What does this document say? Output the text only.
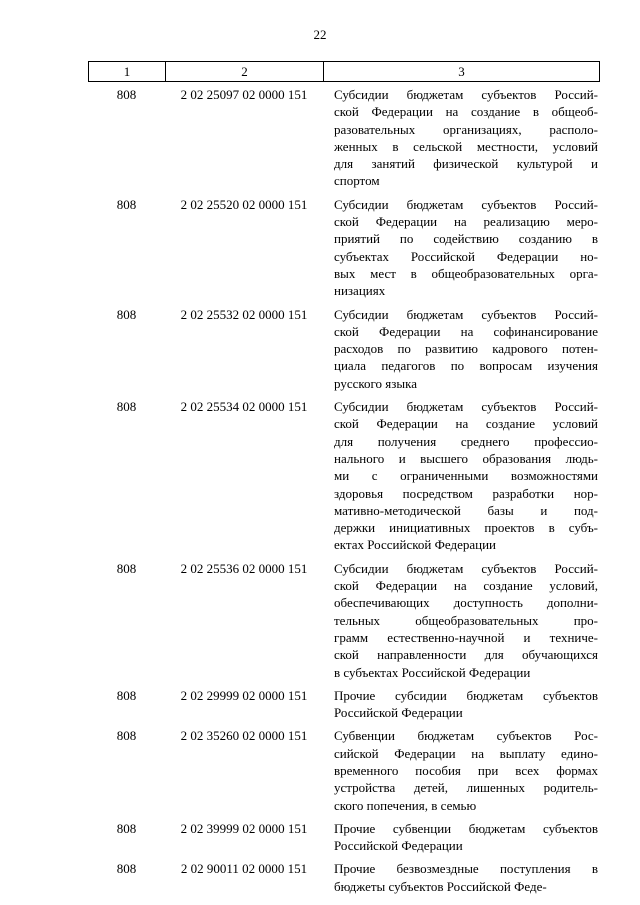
22
1	2	3
808	2 02 25097 02 0000 151	Субсидии бюджетам субъектов Россий-
ской Федерации на создание в общеоб-
разовательных организациях, располо-
женных в сельской местности, условий
для занятий физической культурой и
спортом
808	2 02 25520 02 0000 151	Субсидии бюджетам субъектов Россий-
ской Федерации на реализацию меро-
приятий по содействию созданию в
субъектах Российской Федерации но-
вых мест в общеобразовательных орга-
низациях
808	2 02 25532 02 0000 151	Субсидии бюджетам субъектов Россий-
ской Федерации на софинансирование
расходов по развитию кадрового потен-
циала педагогов по вопросам изучения
русского языка
808	2 02 25534 02 0000 151	Субсидии бюджетам субъектов Россий-
ской Федерации на создание условий
для получения среднего профессио-
нального и высшего образования людь-
ми с ограниченными возможностями
здоровья посредством разработки нор-
мативно-методической базы и под-
держки инициативных проектов в субъ-
ектах Российской Федерации
808	2 02 25536 02 0000 151	Субсидии бюджетам субъектов Россий-
ской Федерации на создание условий,
обеспечивающих доступность дополни-
тельных общеобразовательных про-
грамм естественно-научной и техниче-
ской направленности для обучающихся
в субъектах Российской Федерации
808	2 02 29999 02 0000 151	Прочие субсидии бюджетам субъектов
Российской Федерации
808	2 02 35260 02 0000 151	Субвенции бюджетам субъектов Рос-
сийской Федерации на выплату едино-
временного пособия при всех формах
устройства детей, лишенных родитель-
ского попечения, в семью
808	2 02 39999 02 0000 151	Прочие субвенции бюджетам субъектов
Российской Федерации
808	2 02 90011 02 0000 151	Прочие безвозмездные поступления в
бюджеты субъектов Российской Феде-
